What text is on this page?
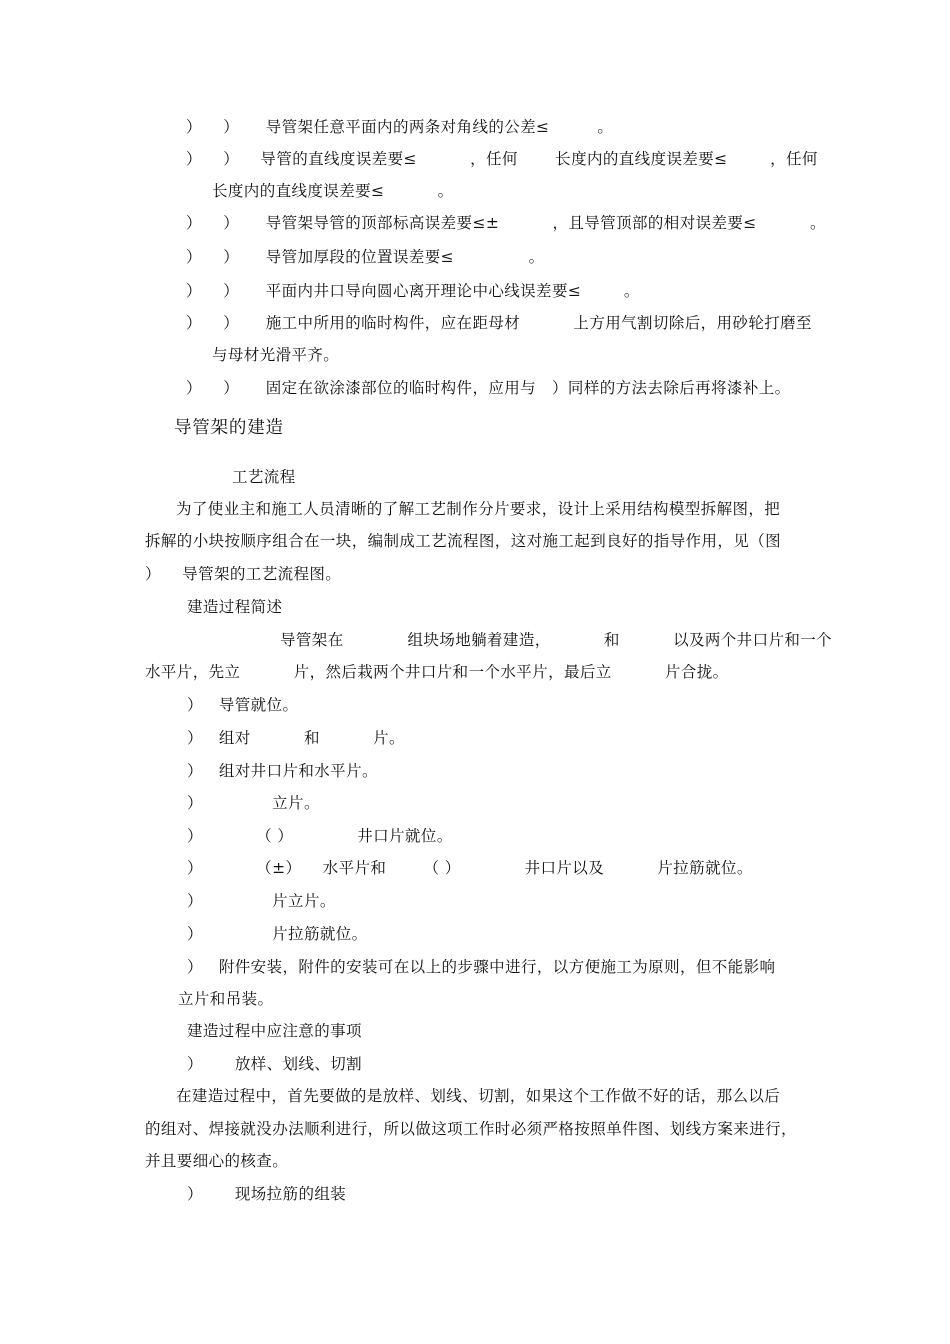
）    ）     导管架任意平面内的两条对角线的公差≤         。
）    ）    导管的直线度误差要≤          ，任何       长度内的直线度误差要≤        ，任何
长度内的直线度误差要≤          。
）    ）     导管架导管的顶部标高误差要≤±          ，且导管顶部的相对误差要≤          。
）    ）     导管加厚段的位置误差要≤              。
）    ）     平面内井口导向圆心离开理论中心线误差要≤        。
）    ）     施工中所用的临时构件，应在距母材          上方用气割切除后，用砂轮打磨至
与母材光滑平齐。
）    ）     固定在欲涂漆部位的临时构件，应用与   ）同样的方法去除后再将漆补上。
导管架的建造
工艺流程
为了使业主和施工人员清晰的了解工艺制作分片要求，设计上采用结构模型拆解图，把
拆解的小块按顺序组合在一块，编制成工艺流程图，这对施工起到良好的指导作用，见（图
）    导管架的工艺流程图。
建造过程简述
导管架在            组块场地躺着建造，          和          以及两个井口片和一个
水平片，先立          片，然后栽两个井口片和一个水平片，最后立          片合拢。
）   导管就位。
）   组对          和          片。
）   组对井口片和水平片。
）             立片。
）          （ ）            井口片就位。
）          （±）    水平片和       （ ）            井口片以及          片拉筋就位。
）             片立片。
）             片拉筋就位。
）   附件安装，附件的安装可在以上的步骤中进行，以方便施工为原则，但不能影响
立片和吊装。
建造过程中应注意的事项
）      放样、划线、切割
在建造过程中，首先要做的是放样、划线、切割，如果这个工作做不好的话，那么以后
的组对、焊接就没办法顺利进行，所以做这项工作时必须严格按照单件图、划线方案来进行，
并且要细心的核查。
）      现场拉筋的组装
